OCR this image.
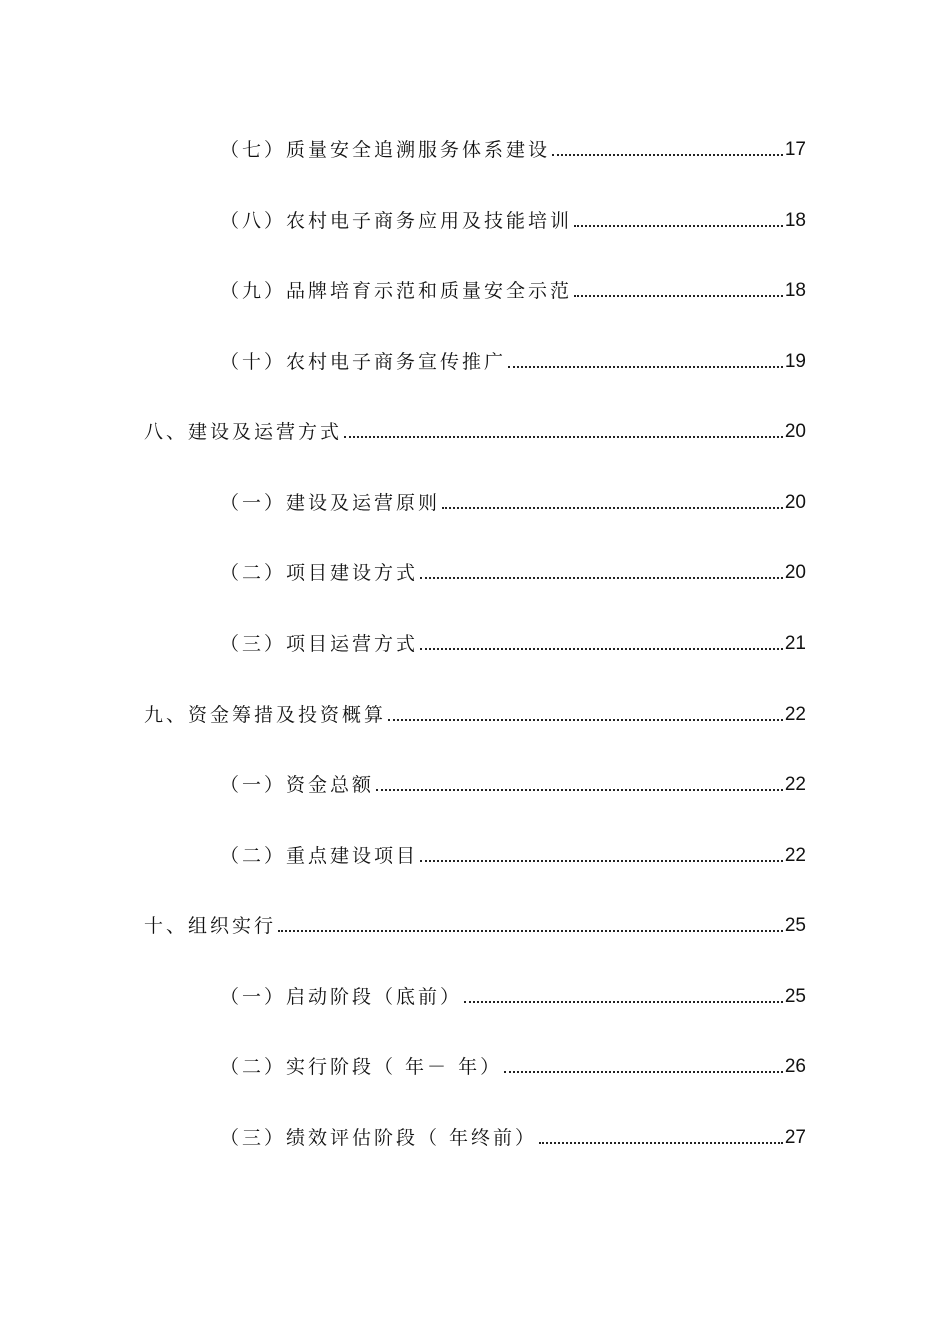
（七）质量安全追溯服务体系建设	17
（八）农村电子商务应用及技能培训	18
（九）品牌培育示范和质量安全示范	18
（十）农村电子商务宣传推广	19
八、建设及运营方式	20
（一）建设及运营原则	20
（二）项目建设方式	20
（三）项目运营方式	21
九、资金筹措及投资概算	22
（一）资金总额	22
（二）重点建设项目	22
十、组织实行	25
（一）启动阶段（底前）	25
（二）实行阶段（ 年－ 年）	26
（三）绩效评估阶段（ 年终前）	27
